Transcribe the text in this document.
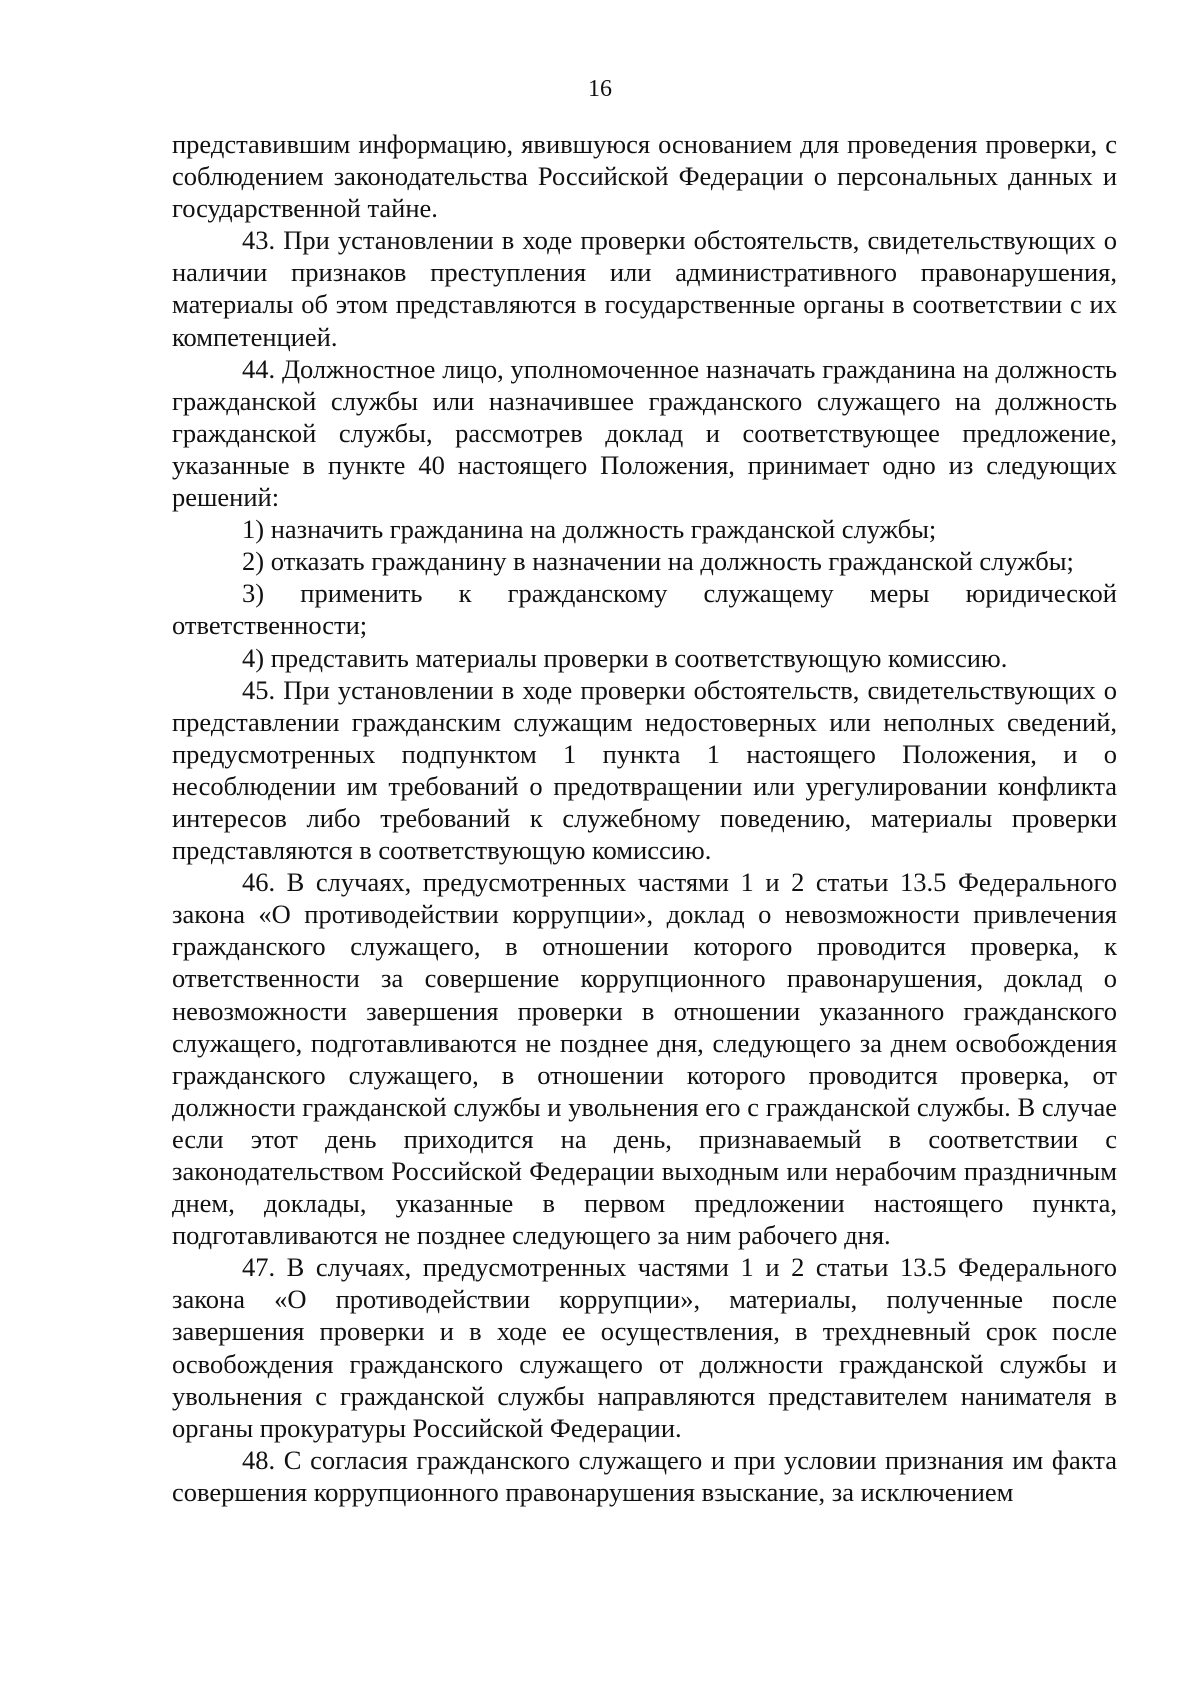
16

представившим информацию, явившуюся основанием для проведения проверки, с соблюдением законодательства Российской Федерации о персональных данных и государственной тайне.

43. При установлении в ходе проверки обстоятельств, свидетельствующих о наличии признаков преступления или административного правонарушения, материалы об этом представляются в государственные органы в соответствии с их компетенцией.

44. Должностное лицо, уполномоченное назначать гражданина на должность гражданской службы или назначившее гражданского служащего на должность гражданской службы, рассмотрев доклад и соответствующее предложение, указанные в пункте 40 настоящего Положения, принимает одно из следующих решений:

1) назначить гражданина на должность гражданской службы;

2) отказать гражданину в назначении на должность гражданской службы;

3) применить к гражданскому служащему меры юридической ответственности;

4) представить материалы проверки в соответствующую комиссию.

45. При установлении в ходе проверки обстоятельств, свидетельствующих о представлении гражданским служащим недостоверных или неполных сведений, предусмотренных подпунктом 1 пункта 1 настоящего Положения, и о несоблюдении им требований о предотвращении или урегулировании конфликта интересов либо требований к служебному поведению, материалы проверки представляются в соответствующую комиссию.

46. В случаях, предусмотренных частями 1 и 2 статьи 13.5 Федерального закона «О противодействии коррупции», доклад о невозможности привлечения гражданского служащего, в отношении которого проводится проверка, к ответственности за совершение коррупционного правонарушения, доклад о невозможности завершения проверки в отношении указанного гражданского служащего, подготавливаются не позднее дня, следующего за днем освобождения гражданского служащего, в отношении которого проводится проверка, от должности гражданской службы и увольнения его с гражданской службы. В случае если этот день приходится на день, признаваемый в соответствии с законодательством Российской Федерации выходным или нерабочим праздничным днем, доклады, указанные в первом предложении настоящего пункта, подготавливаются не позднее следующего за ним рабочего дня.

47. В случаях, предусмотренных частями 1 и 2 статьи 13.5 Федерального закона «О противодействии коррупции», материалы, полученные после завершения проверки и в ходе ее осуществления, в трехдневный срок после освобождения гражданского служащего от должности гражданской службы и увольнения с гражданской службы направляются представителем нанимателя в органы прокуратуры Российской Федерации.

48. С согласия гражданского служащего и при условии признания им факта совершения коррупционного правонарушения взыскание, за исключением
